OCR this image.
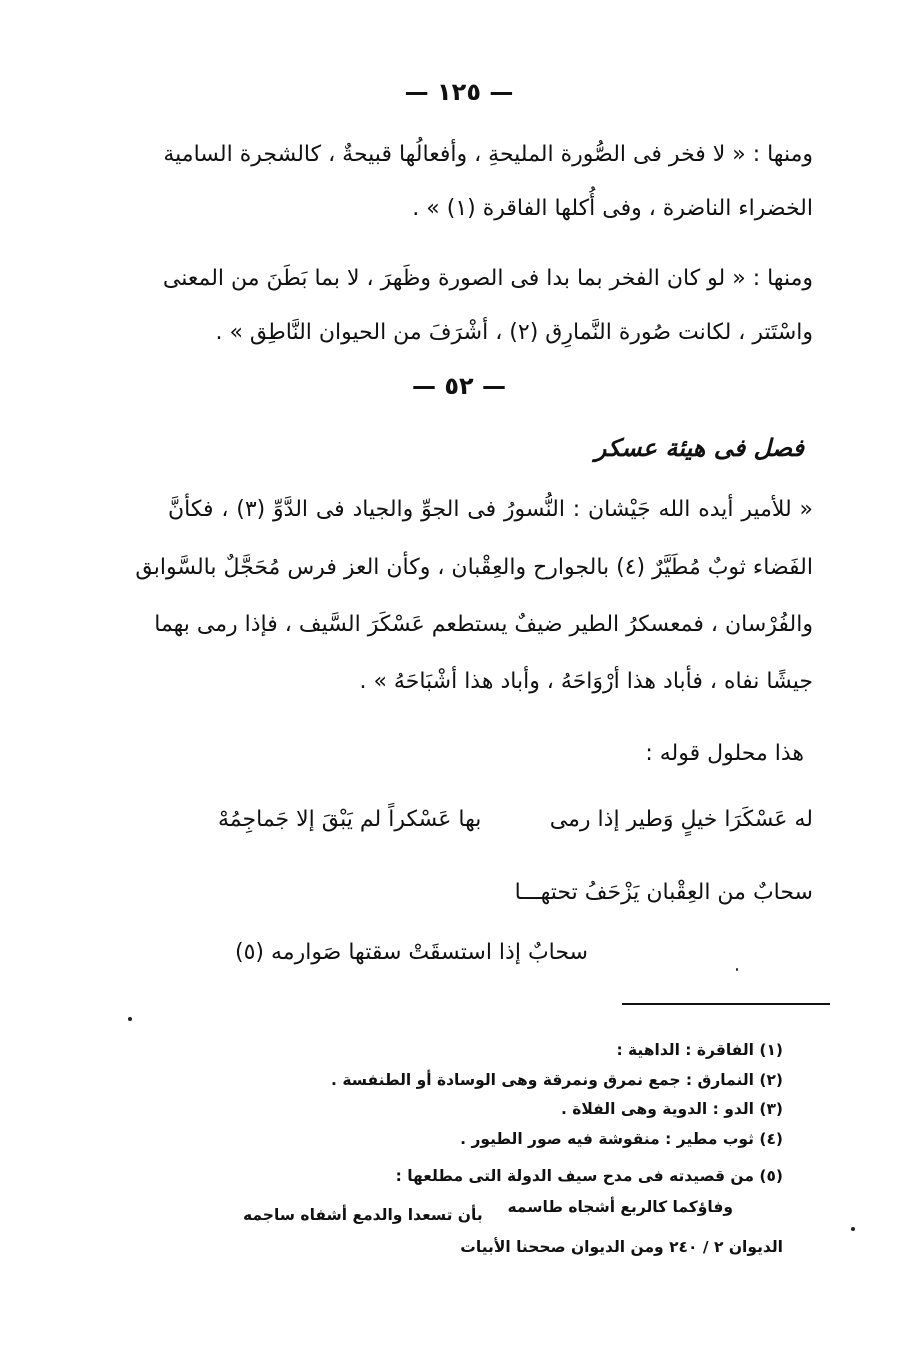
— ١٢٥ —
ومنها : « لا فخر فى الصُّورة المليحةِ ، وأفعالُها قبيحةٌ ، كالشجرة السامية
الخضراء الناضرة ، وفى أُكلها الفاقرة (١) » .
ومنها : « لو كان الفخر بما بدا فى الصورة وظَهرَ ، لا بما بَطَنَ من المعنى
واسْتَتر ، لكانت صُورة النَّمارِق (٢) ، أشْرَفَ من الحيوان النَّاطِق » .
— ٥٢ —
فصل فى هيئة عسكر
« للأمير أيده الله جَيْشان : النُّسورُ فى الجوِّ والجياد فى الدَّوِّ (٣) ، فكأنَّ
الفَضاء ثوبٌ مُطَيَّرٌ (٤) بالجوارح والعِقْبان ، وكأن العز فرس مُحَجَّلٌ بالسَّوابق
والفُرْسان ، فمعسكرُ الطير ضيفٌ يستطعم عَسْكَرَ السَّيف ، فإذا رمى بهما
جيشًا نفاه ، فأباد هذا أرْوَاحَهُ ، وأباد هذا أشْبَاحَهُ » .
هذا محلول قوله :
له عَسْكَرَا خيلٍ وَطير إذا رمى
بها عَسْكراً لم يَبْقَ إلا جَماجِمُهْ
سحابٌ من العِقْبان يَزْحَفُ تحتهـــا
سحابٌ إذا استسقَتْ سقتها صَوارمه (٥)
(١) الفاقرة : الداهية :
(٢) النمارق : جمع نمرق ونمرقة وهى الوسادة أو الطنفسة .
(٣) الدو : الدوية وهى الفلاة .
(٤) ثوب مطير : منقوشة فيه صور الطيور .
(٥) من قصيدته فى مدح سيف الدولة التى مطلعها :
وفاؤكما كالربع أشجاه طاسمه
بأن تسعدا والدمع أشفاه ساجمه
الديوان ٢ / ٢٤٠ ومن الديوان صححنا الأبيات
